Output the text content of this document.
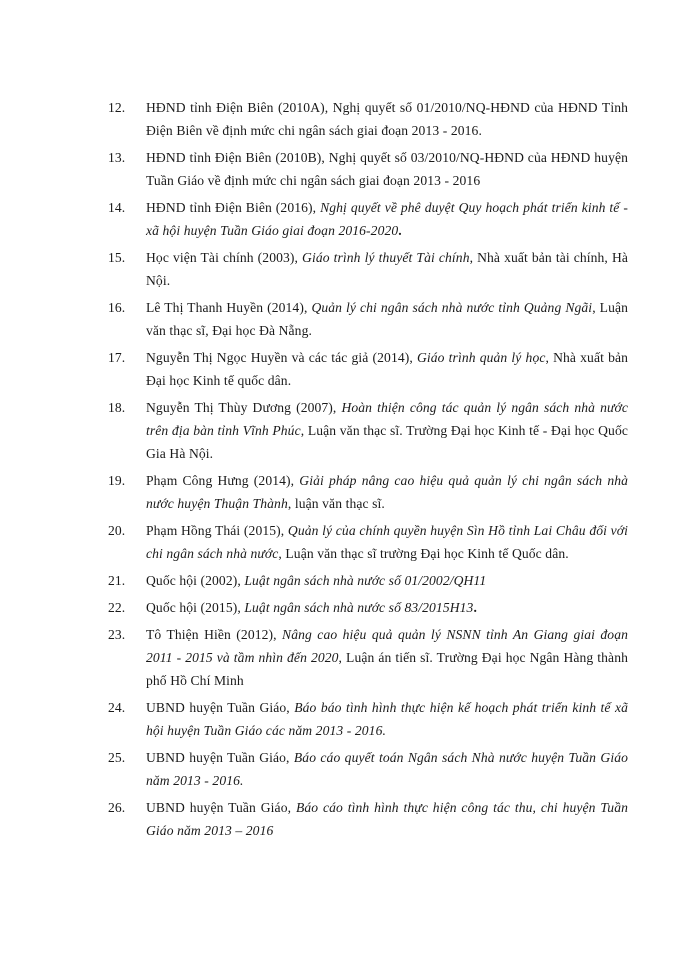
12.	HĐND tỉnh Điện Biên (2010A), Nghị quyết số 01/2010/NQ-HĐND của HĐND Tỉnh Điện Biên về định mức chi ngân sách giai đoạn 2013 - 2016.
13.	HĐND tỉnh Điện Biên (2010B), Nghị quyết số 03/2010/NQ-HĐND của HĐND huyện Tuần Giáo về định mức chi ngân sách giai đoạn 2013 - 2016
14.	HĐND tỉnh Điện Biên (2016), Nghị quyết về phê duyệt Quy hoạch phát triển kinh tế - xã hội huyện Tuần Giáo giai đoạn 2016-2020.
15.	Học viện Tài chính (2003), Giáo trình lý thuyết Tài chính, Nhà xuất bản tài chính, Hà Nội.
16.	Lê Thị Thanh Huyền (2014), Quản lý chi ngân sách nhà nước tỉnh Quảng Ngãi, Luận văn thạc sĩ, Đại học Đà Nẵng.
17.	Nguyễn Thị Ngọc Huyền và các tác giả (2014), Giáo trình quản lý học, Nhà xuất bản Đại học Kinh tế quốc dân.
18.	Nguyễn Thị Thùy Dương (2007), Hoàn thiện công tác quản lý ngân sách nhà nước trên địa bàn tỉnh Vĩnh Phúc, Luận văn thạc sĩ. Trường Đại học Kinh tế - Đại học Quốc Gia Hà Nội.
19.	Phạm Công Hưng (2014), Giải pháp nâng cao hiệu quả quản lý chi ngân sách nhà nước huyện Thuận Thành, luận văn thạc sĩ.
20.	Phạm Hồng Thái (2015), Quản lý của chính quyền huyện Sìn Hồ tỉnh Lai Châu đối với chi ngân sách nhà nước, Luận văn thạc sĩ trường Đại học Kinh tế Quốc dân.
21.	Quốc hội (2002), Luật ngân sách nhà nước số 01/2002/QH11
22.	Quốc hội (2015), Luật ngân sách nhà nước số 83/2015H13.
23.	Tô Thiện Hiền (2012), Nâng cao hiệu quả quản lý NSNN tỉnh An Giang giai đoạn 2011 - 2015 và tầm nhìn đến 2020, Luận án tiến sĩ. Trường Đại học Ngân Hàng thành phố Hồ Chí Minh
24.	UBND huyện Tuần Giáo, Báo báo tình hình thực hiện kế hoạch phát triển kinh tế xã hội huyện Tuần Giáo các năm 2013 - 2016.
25.	UBND huyện Tuần Giáo, Báo cáo quyết toán Ngân sách Nhà nước huyện Tuần Giáo năm 2013 - 2016.
26.	UBND huyện Tuần Giáo, Báo cáo tình hình thực hiện công tác thu, chi huyện Tuần Giáo năm 2013 – 2016
